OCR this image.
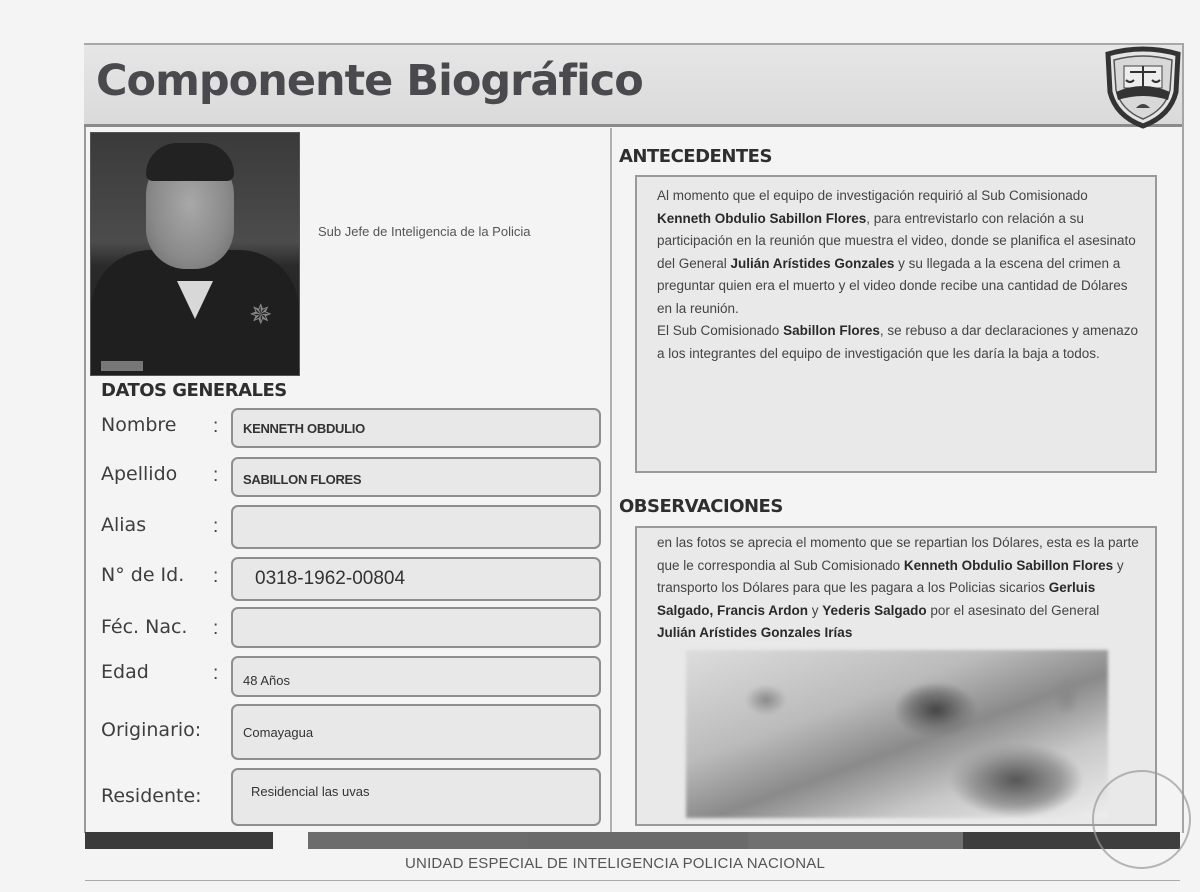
Componente Biográfico
✵
Sub Jefe de Inteligencia de la Policia
DATOS GENERALES
Nombre :	KENNETH OBDULIO
Apellido :	SABILLON FLORES
Alias	:
N° de Id. :	0318-1962-00804
Féc. Nac. :
Edad	:	48 Años
Originario:	Comayagua
Residente:	Residencial las uvas
ANTECEDENTES
Al momento que el equipo de investigación requirió al Sub Comisionado Kenneth Obdulio Sabillon Flores, para entrevistarlo con relación a su participación en la reunión que muestra el video, donde se planifica el asesinato del General Julián Arístides Gonzales y su llegada a la escena del crimen a preguntar quien era el muerto y el video donde recibe una cantidad de Dólares en la reunión.
El Sub Comisionado Sabillon Flores, se rebuso a dar declaraciones y amenazo a los integrantes del equipo de investigación que les daría la baja a todos.
OBSERVACIONES
en las fotos se aprecia el momento que se repartian los Dólares, esta es la parte que le correspondia al Sub Comisionado Kenneth Obdulio Sabillon Flores y transporto los Dólares para que les pagara a los Policias sicarios Gerluis Salgado, Francis Ardon y Yederis Salgado por el asesinato del General Julián Arístides Gonzales Irías
UNIDAD ESPECIAL DE INTELIGENCIA POLICIA NACIONAL
